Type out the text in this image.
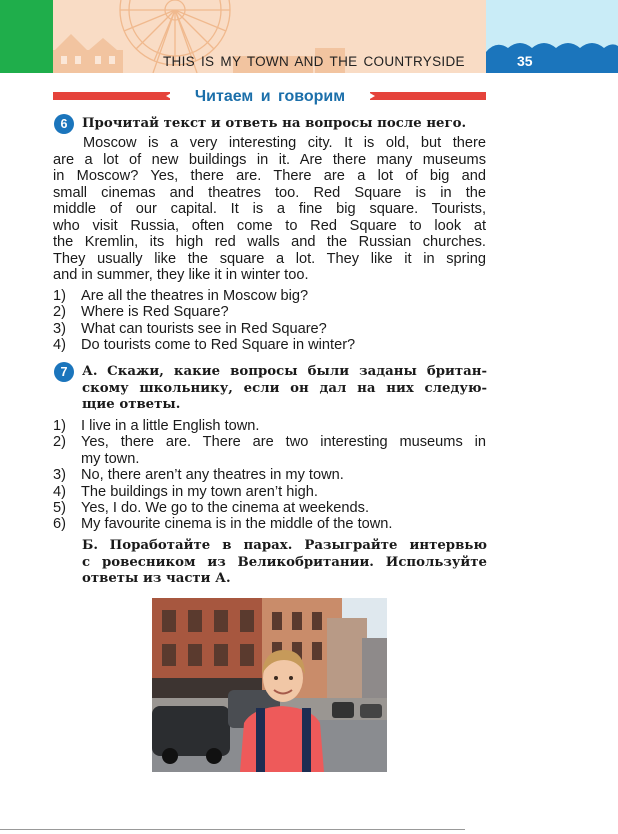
THIS IS MY TOWN AND THE COUNTRYSIDE	35
Читаем и говорим
6	Прочитай текст и ответь на вопросы после него.
Moscow is a very interesting city. It is old, but there
are a lot of new buildings in it. Are there many museums
in Moscow? Yes, there are. There are a lot of big and
small cinemas and theatres too. Red Square is in the
middle of our capital. It is a fine big square. Tourists,
who visit Russia, often come to Red Square to look at
the Kremlin, its high red walls and the Russian churches.
They usually like the square a lot. They like it in spring
and in summer, they like it in winter too.
1)	Are all the theatres in Moscow big?
2)	Where is Red Square?
3)	What can tourists see in Red Square?
4)	Do tourists come to Red Square in winter?
7	А. Скажи, какие вопросы были заданы британ-
скому школьнику, если он дал на них следую-
щие ответы.
1)	I live in a little English town.
2)	Yes, there are. There are two interesting museums in
my town.
3)	No, there aren’t any theatres in my town.
4)	The buildings in my town aren’t high.
5)	Yes, I do. We go to the cinema at weekends.
6)	My favourite cinema is in the middle of the town.
Б. Поработайте в парах. Разыграйте интервью
с ровесником из Великобритании. Используйте
ответы из части А.
